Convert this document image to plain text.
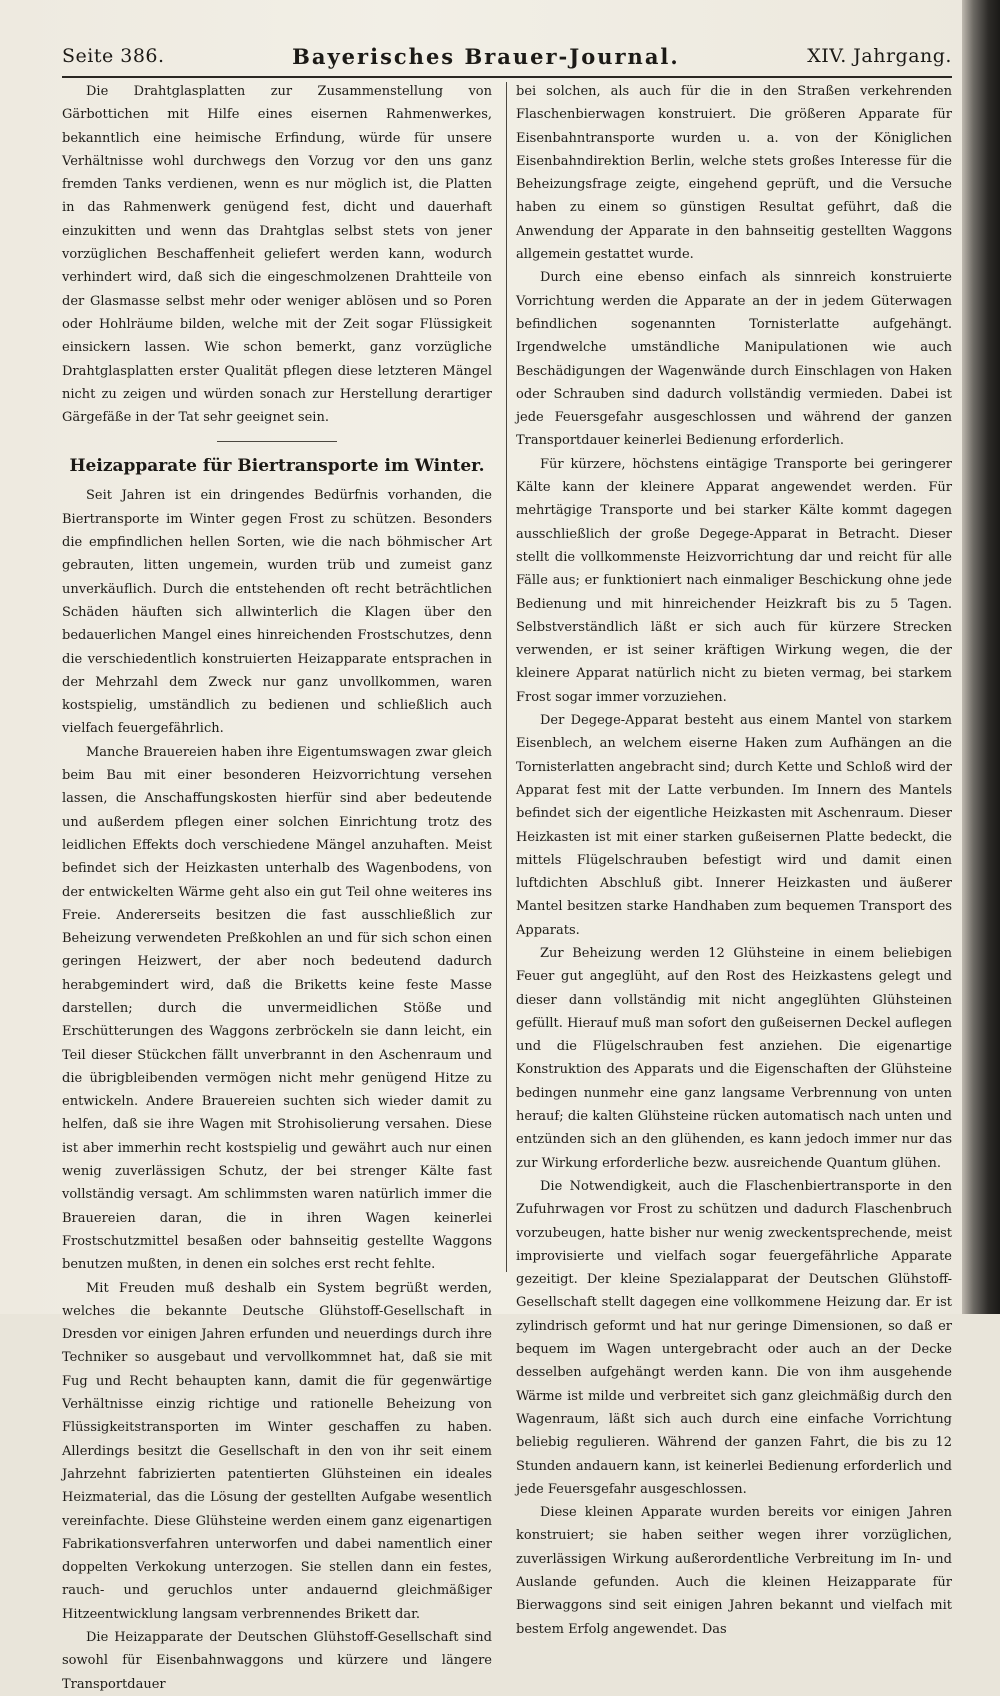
Seite 386.	Bayerisches Brauer-Journal.	XIV. Jahrgang.

Die Drahtglasplatten zur Zusammenstellung von Gärbottichen mit Hilfe eines eisernen Rahmenwerkes, bekanntlich eine heimische Erfindung, würde für unsere Verhältnisse wohl durchwegs den Vorzug vor den uns ganz fremden Tanks verdienen, wenn es nur möglich ist, die Platten in das Rahmenwerk genügend fest, dicht und dauerhaft einzukitten und wenn das Drahtglas selbst stets von jener vorzüglichen Beschaffenheit geliefert werden kann, wodurch verhindert wird, daß sich die eingeschmolzenen Drahtteile von der Glasmasse selbst mehr oder weniger ablösen und so Poren oder Hohlräume bilden, welche mit der Zeit sogar Flüssigkeit einsickern lassen. Wie schon bemerkt, ganz vorzügliche Drahtglasplatten erster Qualität pflegen diese letzteren Mängel nicht zu zeigen und würden sonach zur Herstellung derartiger Gärgefäße in der Tat sehr geeignet sein.

Heizapparate für Biertransporte im Winter.

Seit Jahren ist ein dringendes Bedürfnis vorhanden, die Biertransporte im Winter gegen Frost zu schützen. Besonders die empfindlichen hellen Sorten, wie die nach böhmischer Art gebrauten, litten ungemein, wurden trüb und zumeist ganz unverkäuflich. Durch die entstehenden oft recht beträchtlichen Schäden häuften sich allwinterlich die Klagen über den bedauerlichen Mangel eines hinreichenden Frostschutzes, denn die verschiedentlich konstruierten Heizapparate entsprachen in der Mehrzahl dem Zweck nur ganz unvollkommen, waren kostspielig, umständlich zu bedienen und schließlich auch vielfach feuergefährlich.

Manche Brauereien haben ihre Eigentumswagen zwar gleich beim Bau mit einer besonderen Heizvorrichtung versehen lassen, die Anschaffungskosten hierfür sind aber bedeutende und außerdem pflegen einer solchen Einrichtung trotz des leidlichen Effekts doch verschiedene Mängel anzuhaften. Meist befindet sich der Heizkasten unterhalb des Wagenbodens, von der entwickelten Wärme geht also ein gut Teil ohne weiteres ins Freie. Andererseits besitzen die fast ausschließlich zur Beheizung verwendeten Preßkohlen an und für sich schon einen geringen Heizwert, der aber noch bedeutend dadurch herabgemindert wird, daß die Briketts keine feste Masse darstellen; durch die unvermeidlichen Stöße und Erschütterungen des Waggons zerbröckeln sie dann leicht, ein Teil dieser Stückchen fällt unverbrannt in den Aschenraum und die übrigbleibenden vermögen nicht mehr genügend Hitze zu entwickeln. Andere Brauereien suchten sich wieder damit zu helfen, daß sie ihre Wagen mit Strohisolierung versahen. Diese ist aber immerhin recht kostspielig und gewährt auch nur einen wenig zuverlässigen Schutz, der bei strenger Kälte fast vollständig versagt. Am schlimmsten waren natürlich immer die Brauereien daran, die in ihren Wagen keinerlei Frostschutzmittel besaßen oder bahnseitig gestellte Waggons benutzen mußten, in denen ein solches erst recht fehlte.

Mit Freuden muß deshalb ein System begrüßt werden, welches die bekannte Deutsche Glühstoff-Gesellschaft in Dresden vor einigen Jahren erfunden und neuerdings durch ihre Techniker so ausgebaut und vervollkommnet hat, daß sie mit Fug und Recht behaupten kann, damit die für gegenwärtige Verhältnisse einzig richtige und rationelle Beheizung von Flüssigkeitstransporten im Winter geschaffen zu haben. Allerdings besitzt die Gesellschaft in den von ihr seit einem Jahrzehnt fabrizierten patentierten Glühsteinen ein ideales Heizmaterial, das die Lösung der gestellten Aufgabe wesentlich vereinfachte. Diese Glühsteine werden einem ganz eigenartigen Fabrikationsverfahren unterworfen und dabei namentlich einer doppelten Verkokung unterzogen. Sie stellen dann ein festes, rauch- und geruchlos unter andauernd gleichmäßiger Hitzeentwicklung langsam verbrennendes Brikett dar.

Die Heizapparate der Deutschen Glühstoff-Gesellschaft sind sowohl für Eisenbahnwaggons und kürzere und längere Transportdauer

bei solchen, als auch für die in den Straßen verkehrenden Flaschenbierwagen konstruiert. Die größeren Apparate für Eisenbahntransporte wurden u. a. von der Königlichen Eisenbahndirektion Berlin, welche stets großes Interesse für die Beheizungsfrage zeigte, eingehend geprüft, und die Versuche haben zu einem so günstigen Resultat geführt, daß die Anwendung der Apparate in den bahnseitig gestellten Waggons allgemein gestattet wurde.

Durch eine ebenso einfach als sinnreich konstruierte Vorrichtung werden die Apparate an der in jedem Güterwagen befindlichen sogenannten Tornisterlatte aufgehängt. Irgendwelche umständliche Manipulationen wie auch Beschädigungen der Wagenwände durch Einschlagen von Haken oder Schrauben sind dadurch vollständig vermieden. Dabei ist jede Feuersgefahr ausgeschlossen und während der ganzen Transportdauer keinerlei Bedienung erforderlich.

Für kürzere, höchstens eintägige Transporte bei geringerer Kälte kann der kleinere Apparat angewendet werden. Für mehrtägige Transporte und bei starker Kälte kommt dagegen ausschließlich der große Degege-Apparat in Betracht. Dieser stellt die vollkommenste Heizvorrichtung dar und reicht für alle Fälle aus; er funktioniert nach einmaliger Beschickung ohne jede Bedienung und mit hinreichender Heizkraft bis zu 5 Tagen. Selbstverständlich läßt er sich auch für kürzere Strecken verwenden, er ist seiner kräftigen Wirkung wegen, die der kleinere Apparat natürlich nicht zu bieten vermag, bei starkem Frost sogar immer vorzuziehen.

Der Degege-Apparat besteht aus einem Mantel von starkem Eisenblech, an welchem eiserne Haken zum Aufhängen an die Tornisterlatten angebracht sind; durch Kette und Schloß wird der Apparat fest mit der Latte verbunden. Im Innern des Mantels befindet sich der eigentliche Heizkasten mit Aschenraum. Dieser Heizkasten ist mit einer starken gußeisernen Platte bedeckt, die mittels Flügelschrauben befestigt wird und damit einen luftdichten Abschluß gibt. Innerer Heizkasten und äußerer Mantel besitzen starke Handhaben zum bequemen Transport des Apparats.

Zur Beheizung werden 12 Glühsteine in einem beliebigen Feuer gut angeglüht, auf den Rost des Heizkastens gelegt und dieser dann vollständig mit nicht angeglühten Glühsteinen gefüllt. Hierauf muß man sofort den gußeisernen Deckel auflegen und die Flügelschrauben fest anziehen. Die eigenartige Konstruktion des Apparats und die Eigenschaften der Glühsteine bedingen nunmehr eine ganz langsame Verbrennung von unten herauf; die kalten Glühsteine rücken automatisch nach unten und entzünden sich an den glühenden, es kann jedoch immer nur das zur Wirkung erforderliche bezw. ausreichende Quantum glühen.

Die Notwendigkeit, auch die Flaschenbiertransporte in den Zufuhrwagen vor Frost zu schützen und dadurch Flaschenbruch vorzubeugen, hatte bisher nur wenig zweckentsprechende, meist improvisierte und vielfach sogar feuergefährliche Apparate gezeitigt. Der kleine Spezialapparat der Deutschen Glühstoff-Gesellschaft stellt dagegen eine vollkommene Heizung dar. Er ist zylindrisch geformt und hat nur geringe Dimensionen, so daß er bequem im Wagen untergebracht oder auch an der Decke desselben aufgehängt werden kann. Die von ihm ausgehende Wärme ist milde und verbreitet sich ganz gleichmäßig durch den Wagenraum, läßt sich auch durch eine einfache Vorrichtung beliebig regulieren. Während der ganzen Fahrt, die bis zu 12 Stunden andauern kann, ist keinerlei Bedienung erforderlich und jede Feuersgefahr ausgeschlossen.

Diese kleinen Apparate wurden bereits vor einigen Jahren konstruiert; sie haben seither wegen ihrer vorzüglichen, zuverlässigen Wirkung außerordentliche Verbreitung im In- und Auslande gefunden. Auch die kleinen Heizapparate für Bierwaggons sind seit einigen Jahren bekannt und vielfach mit bestem Erfolg angewendet. Das
